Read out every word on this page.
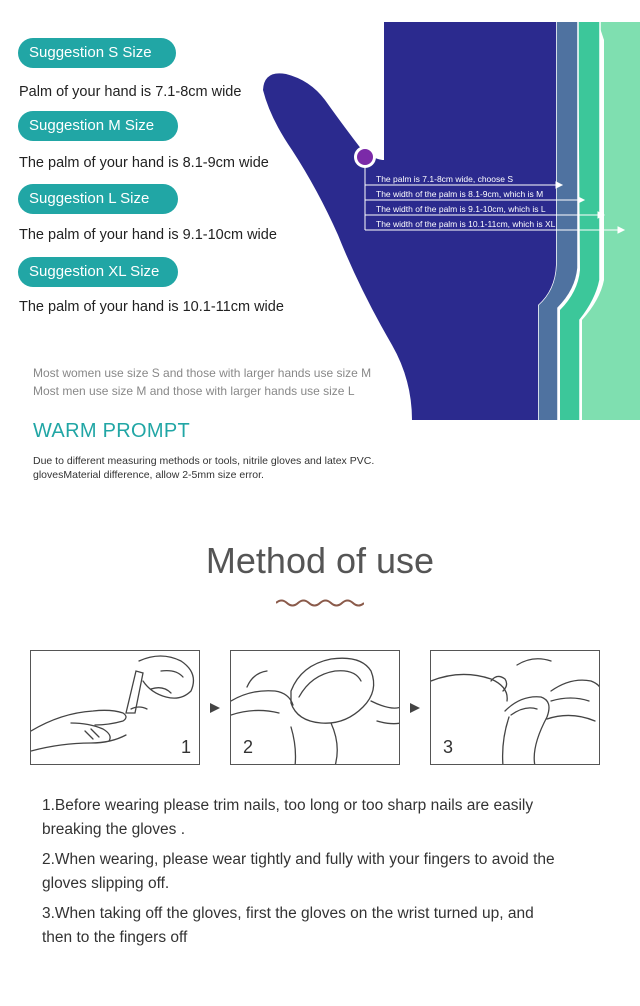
The palm is 7.1-8cm wide, choose S
The width of the palm is 8.1-9cm, which is M
The width of the palm is 9.1-10cm, which is L
The width of the palm is 10.1-11cm, which is XL
Suggestion S Size
Palm of your hand is 7.1-8cm wide
Suggestion M Size
The palm of your hand is 8.1-9cm wide
Suggestion L Size
The palm of your hand is 9.1-10cm wide
Suggestion XL Size
The palm of your hand is 10.1-11cm wide
Most women use size S and those with larger hands use size M
Most men use size M and those with larger hands use size L
WARM PROMPT
Due to different measuring methods or tools, nitrile gloves and latex PVC.
glovesMaterial difference, allow 2-5mm size error.
Method of use
1	2	3
1.Before wearing please trim nails, too long or too sharp nails are easily
breaking the gloves .
2.When wearing, please wear tightly and fully with your fingers to avoid the
gloves slipping off.
3.When taking off the gloves, first the gloves on the wrist turned up, and
then to the fingers off
